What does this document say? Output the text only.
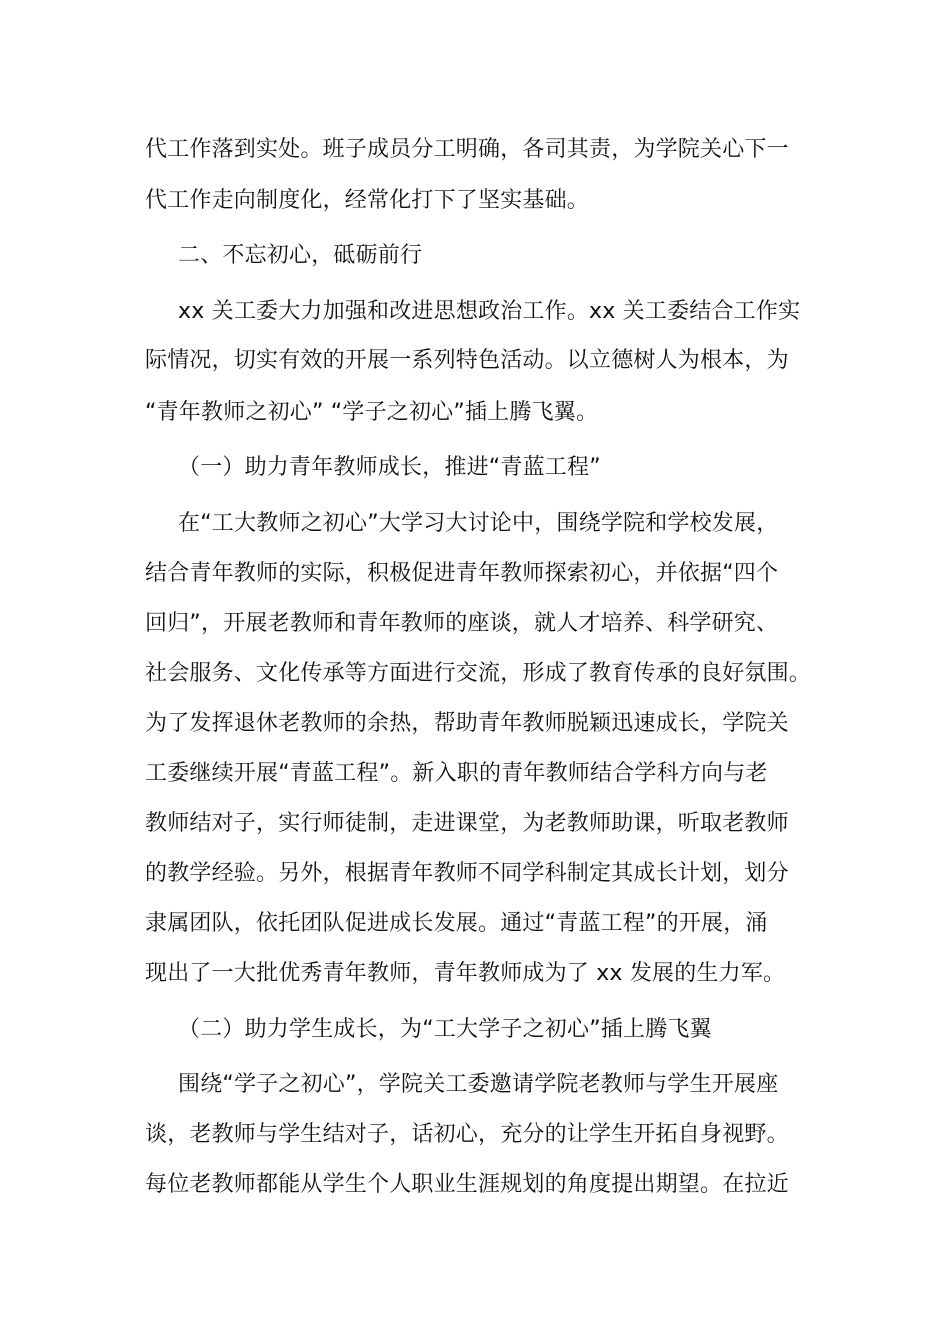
代工作落到实处。班子成员分工明确，各司其责，为学院关心下一
代工作走向制度化，经常化打下了坚实基础。
二、不忘初心，砥砺前行
xx 关工委大力加强和改进思想政治工作。xx 关工委结合工作实
际情况，切实有效的开展一系列特色活动。以立德树人为根本，为
“青年教师之初心” “学子之初心”插上腾飞翼。
（一）助力青年教师成长，推进“青蓝工程”
在“工大教师之初心”大学习大讨论中，围绕学院和学校发展，
结合青年教师的实际，积极促进青年教师探索初心，并依据“四个
回归”，开展老教师和青年教师的座谈，就人才培养、科学研究、
社会服务、文化传承等方面进行交流，形成了教育传承的良好氛围。
为了发挥退休老教师的余热，帮助青年教师脱颖迅速成长，学院关
工委继续开展“青蓝工程”。新入职的青年教师结合学科方向与老
教师结对子，实行师徒制，走进课堂，为老教师助课，听取老教师
的教学经验。另外，根据青年教师不同学科制定其成长计划，划分
隶属团队，依托团队促进成长发展。通过“青蓝工程”的开展，涌
现出了一大批优秀青年教师，青年教师成为了 xx 发展的生力军。
（二）助力学生成长，为“工大学子之初心”插上腾飞翼
围绕“学子之初心”，学院关工委邀请学院老教师与学生开展座
谈，老教师与学生结对子，话初心，充分的让学生开拓自身视野。
每位老教师都能从学生个人职业生涯规划的角度提出期望。在拉近
